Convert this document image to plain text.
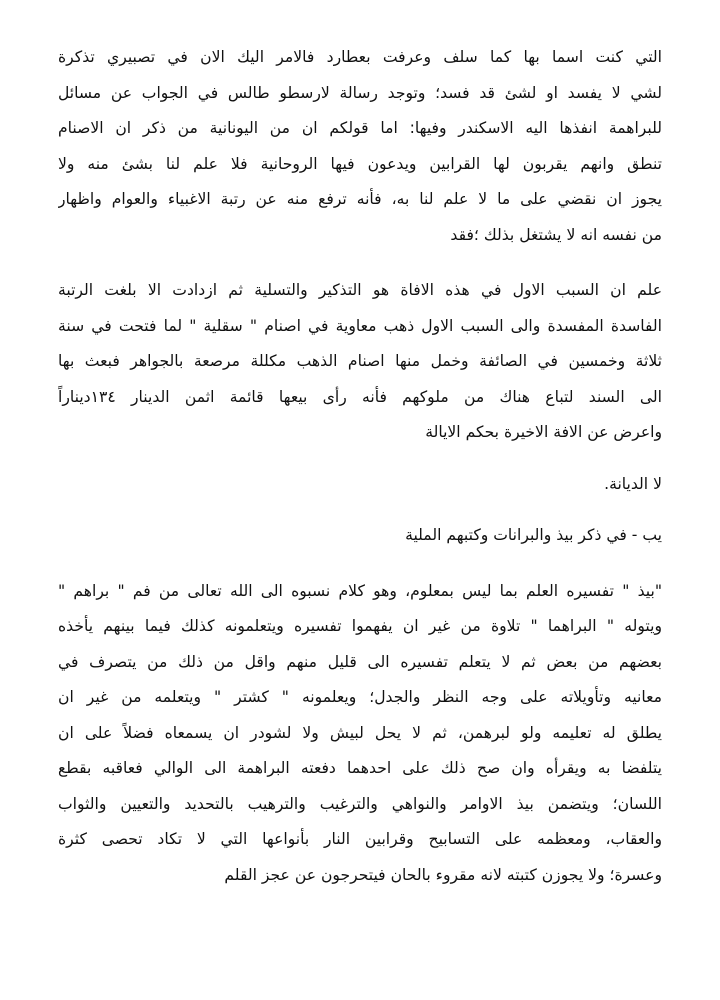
التي كنت اسما بها كما سلف وعرفت بعطارد فالامر اليك الان في تصبيري تذكرة
لشي لا يفسد او لشئ قد فسد؛ وتوجد رسالة لارسطو طالس في الجواب عن مسائل
للبراهمة انفذها اليه الاسكندر وفيها: اما قولكم ان من اليونانية من ذكر ان الاصنام
تنطق وانهم يقربون لها القرابين ويدعون فيها الروحانية فلا علم لنا بشئ منه ولا
يجوز ان نقضي على ما لا علم لنا به، فأنه ترفع منه عن رتبة الاغبياء والعوام واظهار
من نفسه انه لا يشتغل بذلك ؛فقد
علم ان السبب الاول في هذه الافاة هو التذكير والتسلية ثم ازدادت الا بلغت الرتبة
الفاسدة المفسدة والى السبب الاول ذهب معاوية في اصنام " سقلية " لما فتحت في سنة
ثلاثة وخمسين في الصائفة وخمل منها اصنام الذهب مكللة مرصعة بالجواهر فبعث بها
الى السند لتباع هناك من ملوكهم فأنه رأى بيعها قائمة اثمن الدينار ١٣٤ديناراً
واعرض عن الافة الاخيرة بحكم الايالة
لا الديانة.
يب - في ذكر بيذ والبرانات وكتبهم الملية
"بيذ " تفسيره العلم بما ليس بمعلوم، وهو كلام نسبوه الى الله تعالى من فم " براهم "
ويتوله " البراهما " تلاوة من غير ان يفهموا تفسيره ويتعلمونه كذلك فيما بينهم يأخذه
بعضهم من بعض ثم لا يتعلم تفسيره الى قليل منهم واقل من ذلك من يتصرف في
معانيه وتأويلاته على وجه النظر والجدل؛ ويعلمونه " كشتر " ويتعلمه من غير ان
يطلق له تعليمه ولو لبرهمن، ثم لا يحل لبيش ولا لشودر ان يسمعاه فضلاً على ان
يتلفضا به ويقرأه وان صح ذلك على احدهما دفعته البراهمة الى الوالي فعاقبه بقطع
اللسان؛ ويتضمن بيذ الاوامر والنواهي والترغيب والترهيب بالتحديد والتعيين والثواب
والعقاب، ومعظمه على التسابيح وقرابين النار بأنواعها التي لا تكاد تحصى كثرة
وعسرة؛ ولا يجوزن كتبته لانه مقروء بالحان فيتحرجون عن عجز القلم
